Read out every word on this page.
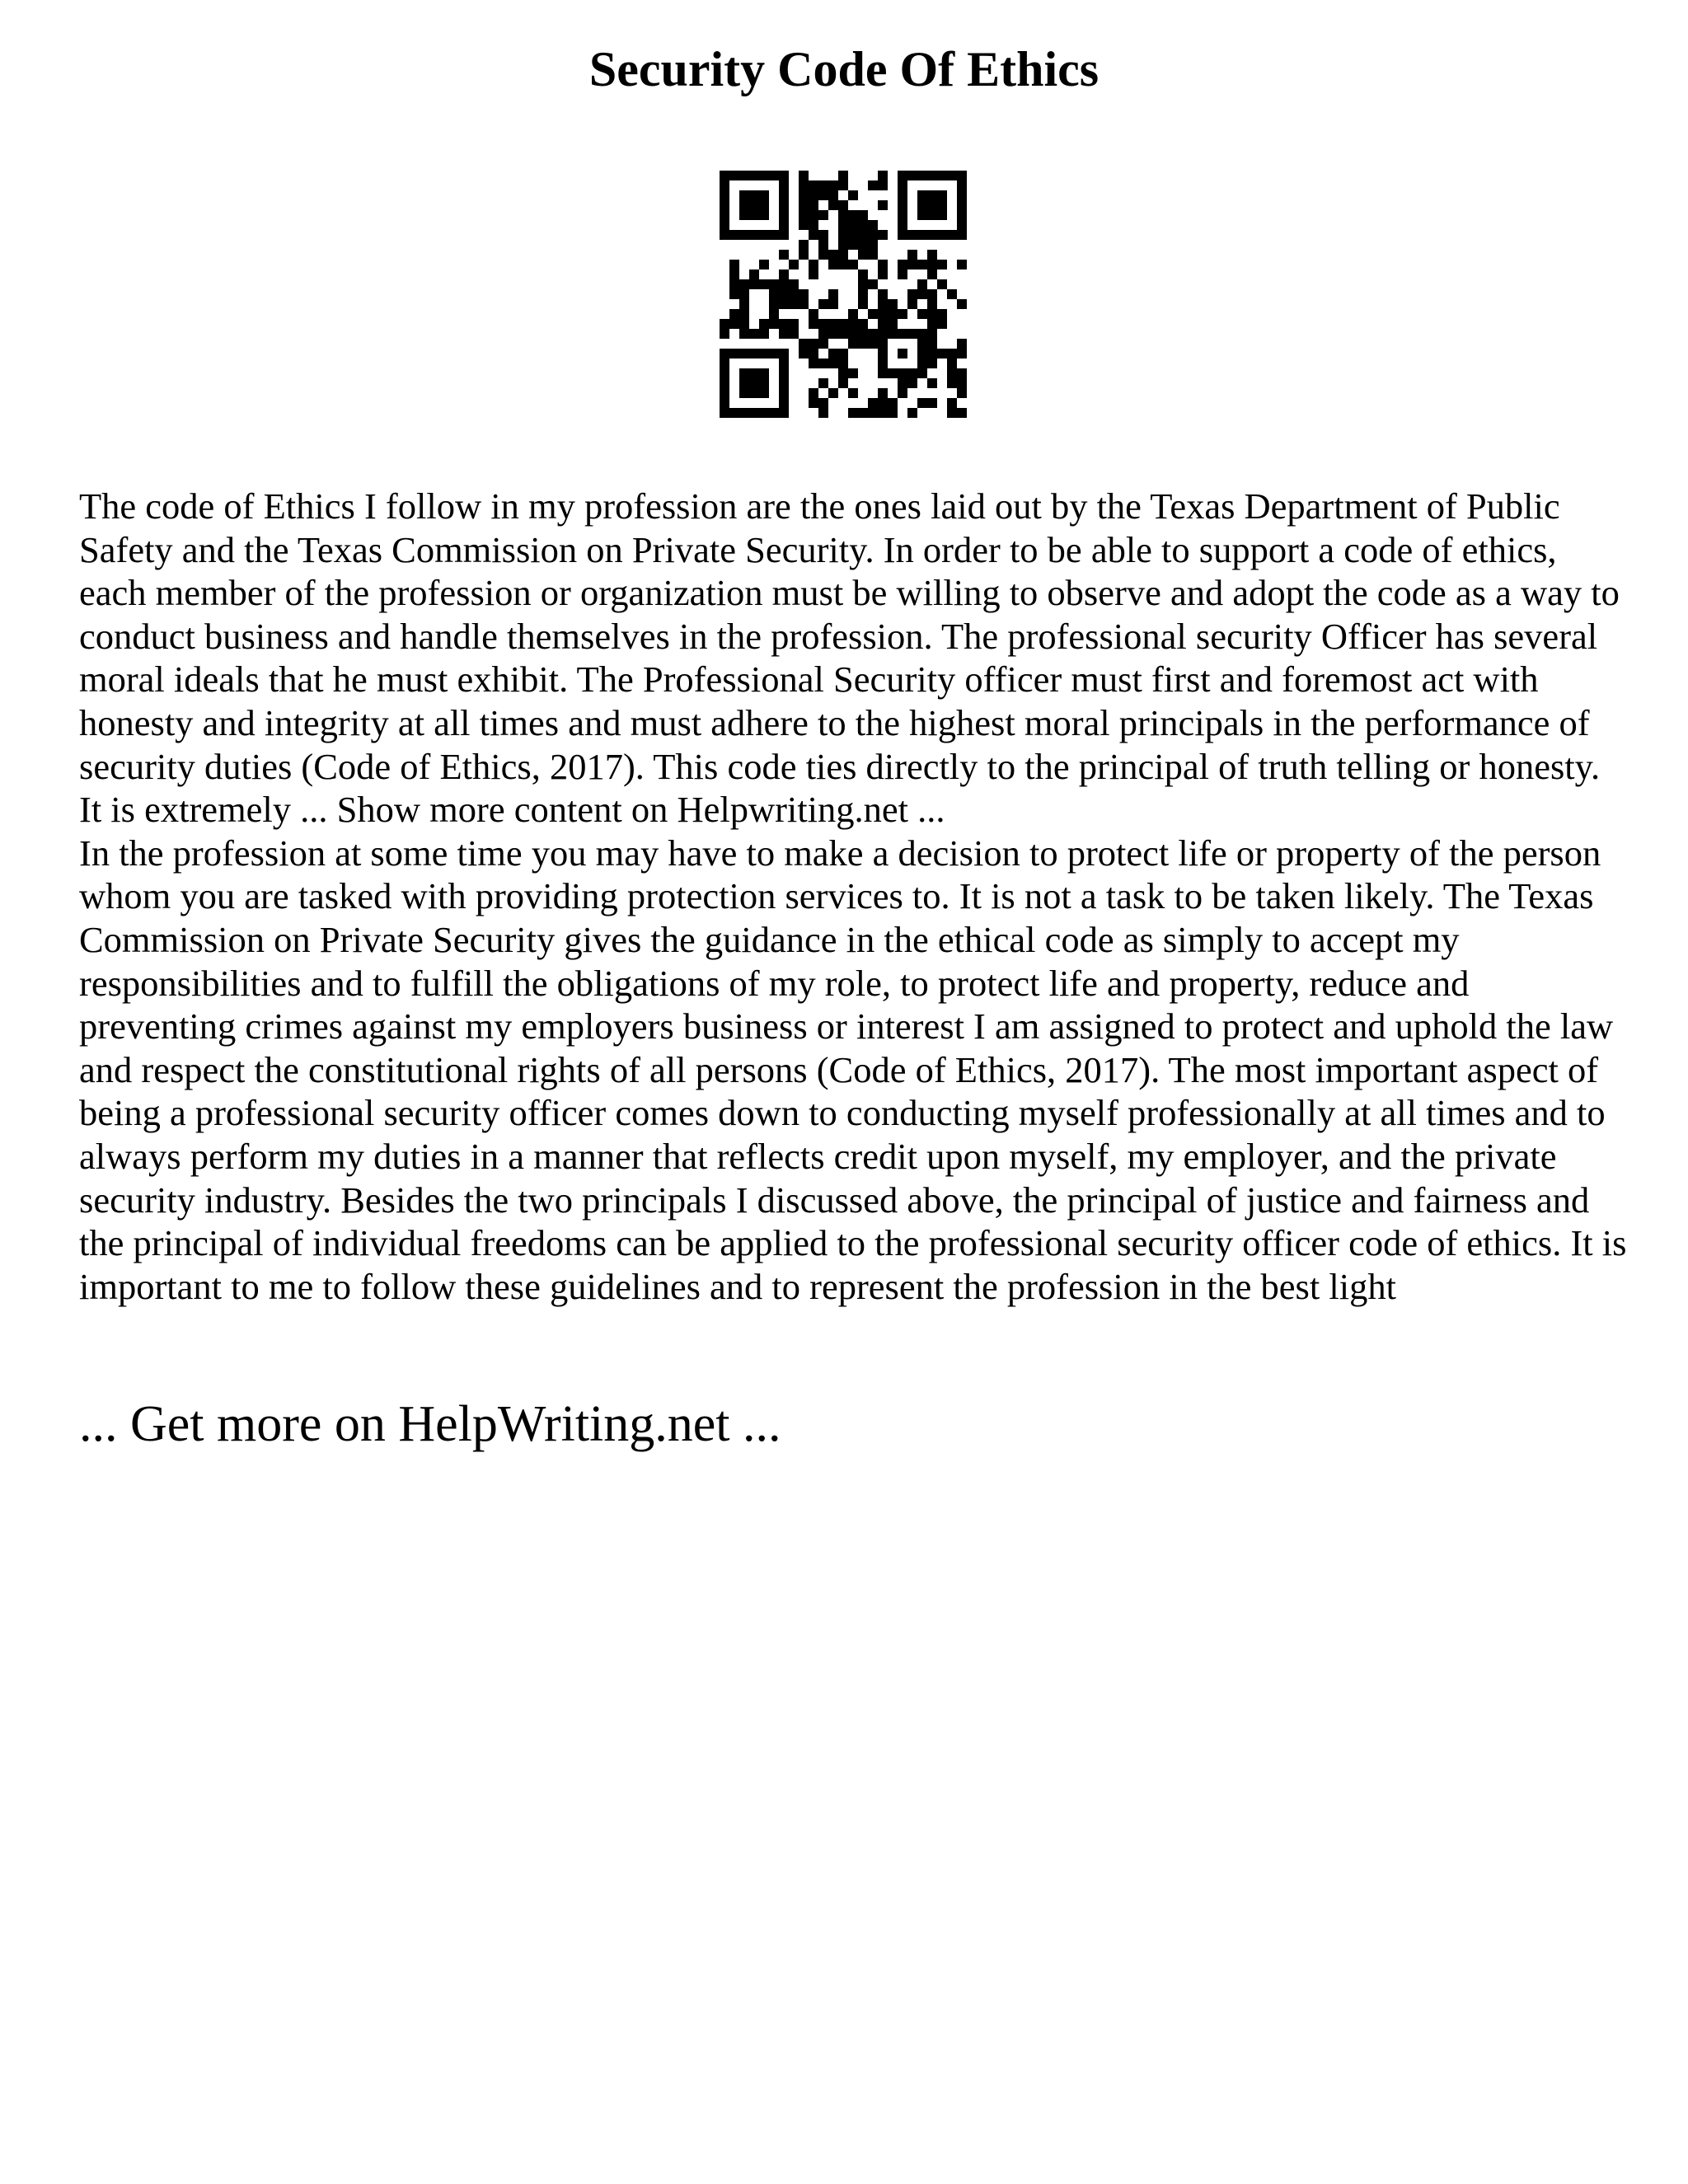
Security Code Of Ethics

The code of Ethics I follow in my profession are the ones laid out by the Texas Department of Public Safety and the Texas Commission on Private Security. In order to be able to support a code of ethics, each member of the profession or organization must be willing to observe and adopt the code as a way to conduct business and handle themselves in the profession. The professional security Officer has several moral ideals that he must exhibit. The Professional Security officer must first and foremost act with honesty and integrity at all times and must adhere to the highest moral principals in the performance of security duties (Code of Ethics, 2017). This code ties directly to the principal of truth telling or honesty. It is extremely ... Show more content on Helpwriting.net ...

In the profession at some time you may have to make a decision to protect life or property of the person whom you are tasked with providing protection services to. It is not a task to be taken likely. The Texas Commission on Private Security gives the guidance in the ethical code as simply to accept my responsibilities and to fulfill the obligations of my role, to protect life and property, reduce and preventing crimes against my employers business or interest I am assigned to protect and uphold the law and respect the constitutional rights of all persons (Code of Ethics, 2017). The most important aspect of being a professional security officer comes down to conducting myself professionally at all times and to always perform my duties in a manner that reflects credit upon myself, my employer, and the private security industry. Besides the two principals I discussed above, the principal of justice and fairness and the principal of individual freedoms can be applied to the professional security officer code of ethics. It is important to me to follow these guidelines and to represent the profession in the best light

... Get more on HelpWriting.net ...
